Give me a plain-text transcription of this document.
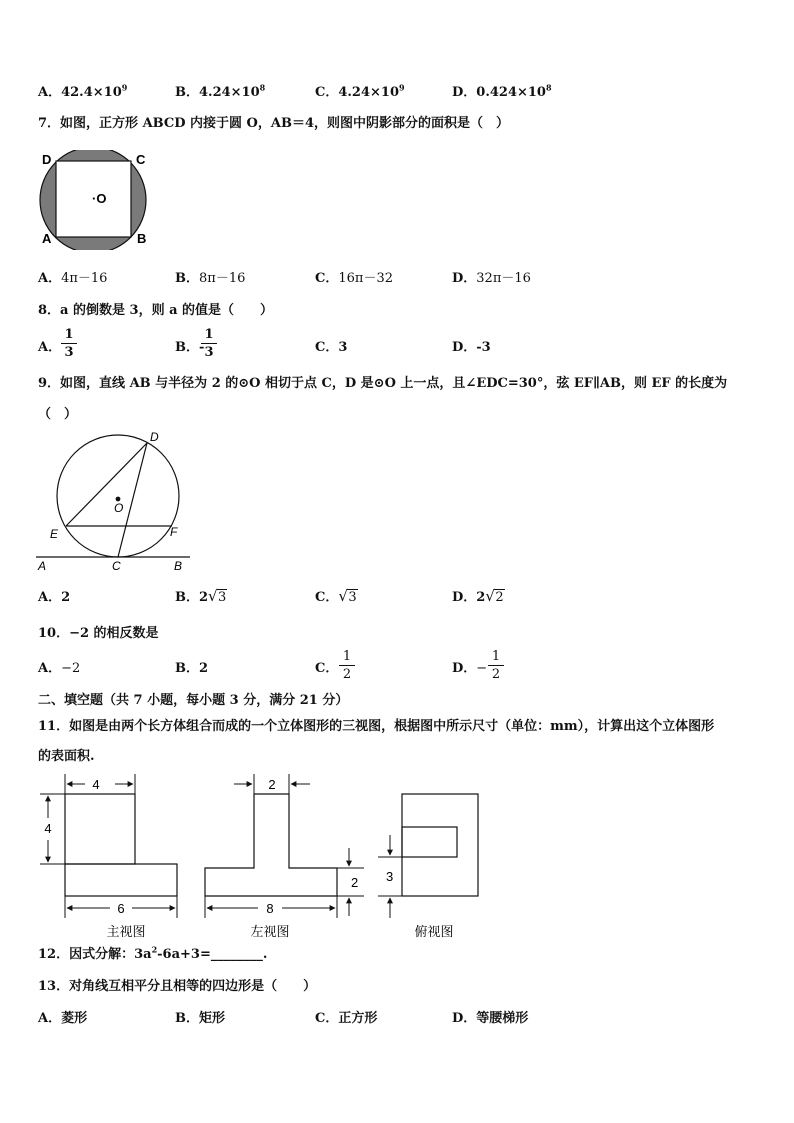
A．$42.4\times 10^9$	B．$4.24\times 10^8$	C．$4.24\times 10^9$	D．$0.424\times 10^8$
7．如图，正方形 ABCD 内接于圆 O，AB＝4，则图中阴影部分的面积是（　）
D	C
A	B
·O
A．4π－16	B．8π－16	C．16π－32	D．32π－16
8．a 的倒数是 3，则 a 的值是（　　）
A．
1
3	B．-
1
3	C．3	D．-3
9．如图，直线 AB 与半径为 2 的⊙O 相切于点 C，D 是⊙O 上一点，且∠EDC=30°，弦 EF∥AB，则 EF 的长度为
（　）
D
O
E	F
A	C	B
A．2	B．2 √ 3	C． √ 3	D．2 √ 2
10．−2 的相反数是
A．−2	B．2	C．
1
2	D．−
1
2
二、填空题（共 7 小题，每小题 3 分，满分 21 分）
11．如图是由两个长方体组合而成的一个立体图形的三视图，根据图中所示尺寸（单位：mm），计算出这个立体图形
的表面积.
4
4
6
主视图
2
2
8
左视图
3
俯视图
12．因式分解：$3a^2-6a+3=\_\_\_\_\_\_\_\_$.
13．对角线互相平分且相等的四边形是（　　）
A．菱形	B．矩形	C．正方形	D．等腰梯形
